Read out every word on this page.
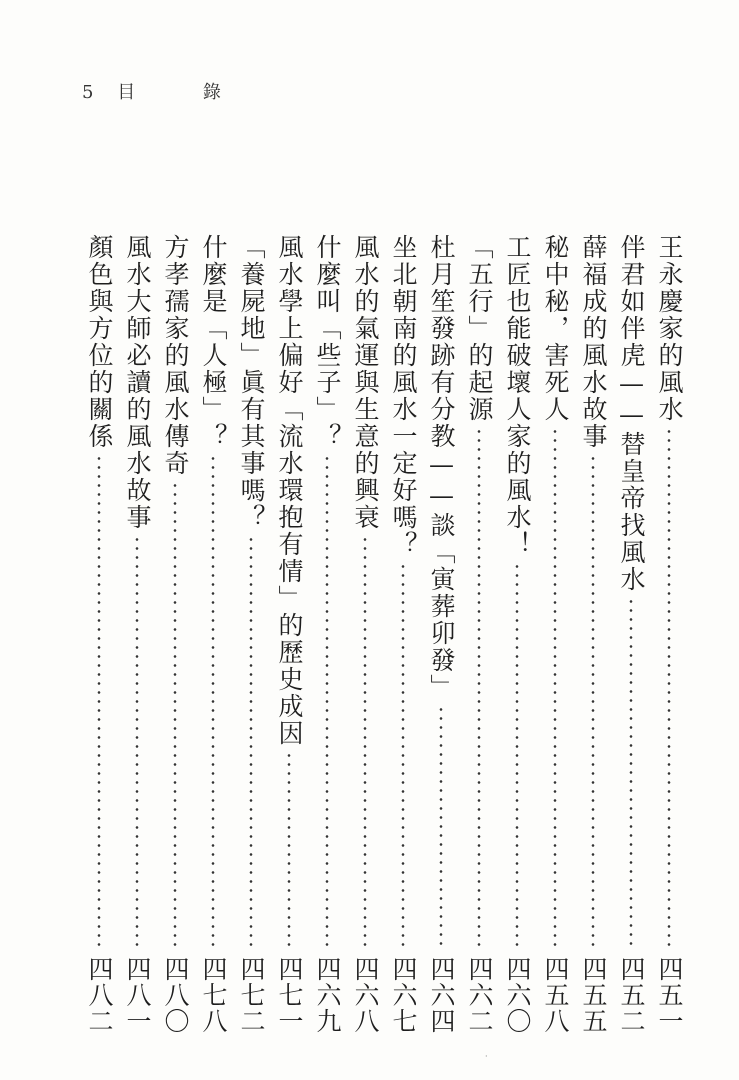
5 目	錄
王永慶家的風水
四五一
伴君如伴虎——替皇帝找風水
四五二
薛福成的風水故事
四五五
秘中秘，害死人
四五八
工匠也能破壞人家的風水！
四六〇
「五行」的起源
四六二
杜月笙發跡有分教——談「寅葬卯發」
四六四
坐北朝南的風水一定好嗎？
四六七
風水的氣運與生意的興衰
四六八
什麼叫「些子」？
四六九
風水學上偏好「流水環抱有情」的歷史成因
四七一
「養屍地」眞有其事嗎？
四七二
什麼是「人極」？
四七八
方孝孺家的風水傳奇
四八〇
風水大師必讀的風水故事
四八一
顏色與方位的關係
四八二
·
